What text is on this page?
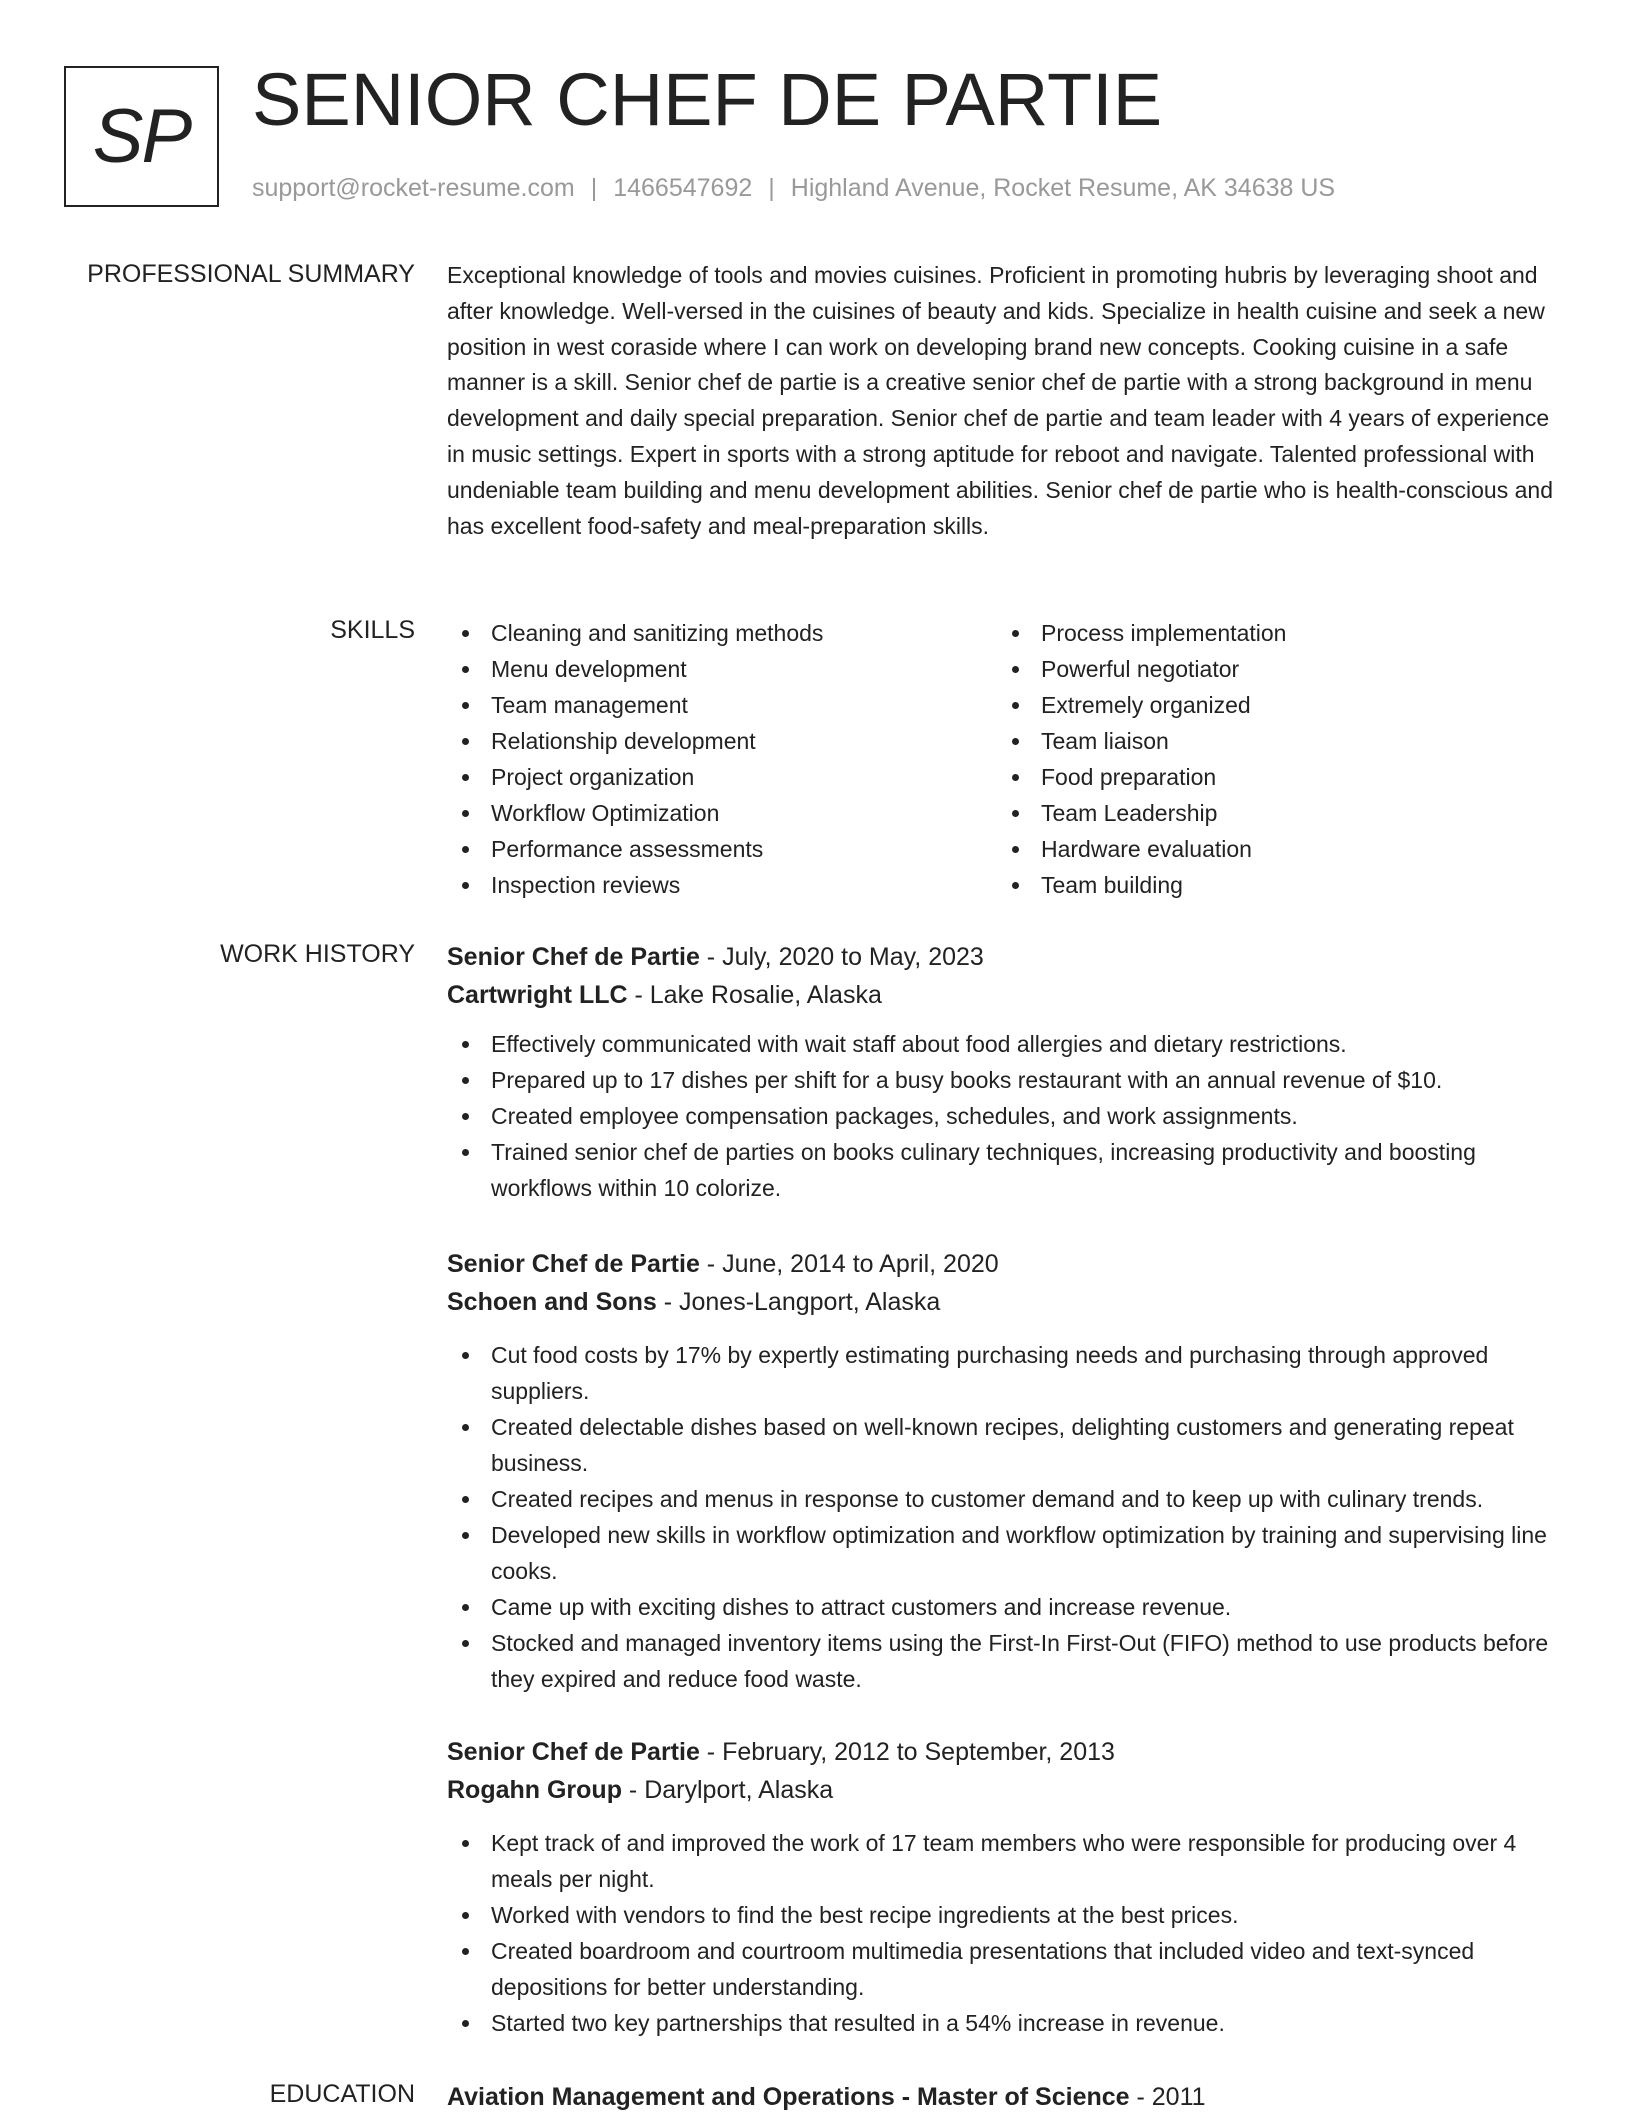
SP SENIOR CHEF DE PARTIE
support@rocket-resume.com | 1466547692 | Highland Avenue, Rocket Resume, AK 34638 US
PROFESSIONAL SUMMARY Exceptional knowledge of tools and movies cuisines. Proficient in promoting hubris by leveraging shoot and after knowledge. Well-versed in the cuisines of beauty and kids. Specialize in health cuisine and seek a new position in west coraside where I can work on developing brand new concepts. Cooking cuisine in a safe manner is a skill. Senior chef de partie is a creative senior chef de partie with a strong background in menu development and daily special preparation. Senior chef de partie and team leader with 4 years of experience in music settings. Expert in sports with a strong aptitude for reboot and navigate. Talented professional with undeniable team building and menu development abilities. Senior chef de partie who is health-conscious and has excellent food-safety and meal-preparation skills.

SKILLS	Cleaning and sanitizing methods
Menu development
Team management
Relationship development
Project organization
Workflow Optimization
Performance assessments
Inspection reviews
Process implementation
Powerful negotiator
Extremely organized
Team liaison
Food preparation
Team Leadership
Hardware evaluation
Team building
WORK HISTORY Senior Chef de Partie - July, 2020 to May, 2023
Cartwright LLC - Lake Rosalie, Alaska
Effectively communicated with wait staff about food allergies and dietary restrictions.
Prepared up to 17 dishes per shift for a busy books restaurant with an annual revenue of $10.
Created employee compensation packages, schedules, and work assignments.
Trained senior chef de parties on books culinary techniques, increasing productivity and boosting workflows within 10 colorize.
Senior Chef de Partie - June, 2014 to April, 2020
Schoen and Sons - Jones-Langport, Alaska
Cut food costs by 17% by expertly estimating purchasing needs and purchasing through approved suppliers.
Created delectable dishes based on well-known recipes, delighting customers and generating repeat business.
Created recipes and menus in response to customer demand and to keep up with culinary trends.
Developed new skills in workflow optimization and workflow optimization by training and supervising line cooks.
Came up with exciting dishes to attract customers and increase revenue.
Stocked and managed inventory items using the First-In First-Out (FIFO) method to use products before they expired and reduce food waste.
Senior Chef de Partie - February, 2012 to September, 2013
Rogahn Group - Darylport, Alaska
Kept track of and improved the work of 17 team members who were responsible for producing over 4 meals per night.
Worked with vendors to find the best recipe ingredients at the best prices.
Created boardroom and courtroom multimedia presentations that included video and text-synced depositions for better understanding.
Started two key partnerships that resulted in a 54% increase in revenue.
EDUCATION Aviation Management and Operations - Master of Science - 2011
